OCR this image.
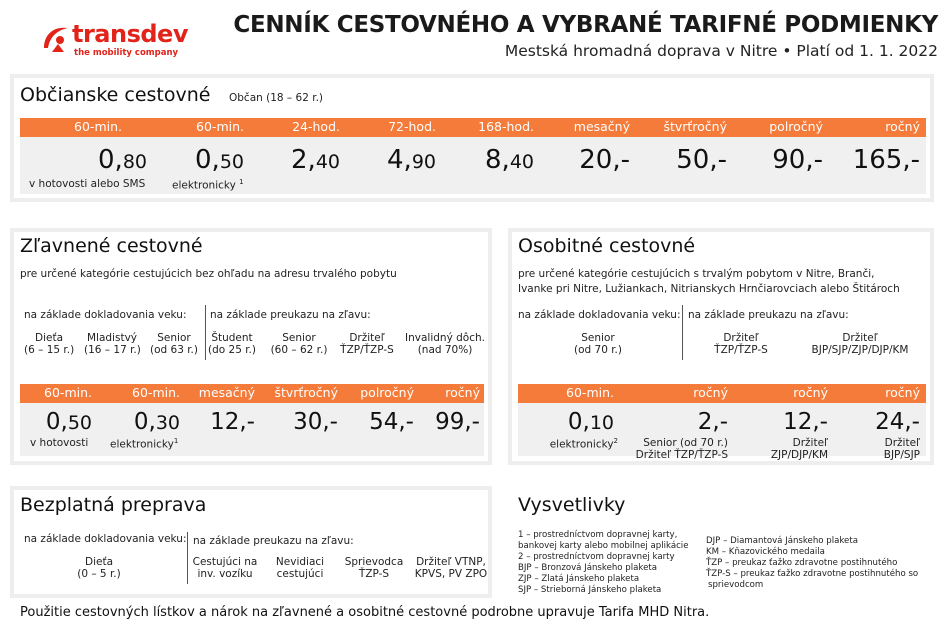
transdev
the mobility company
CENNÍK CESTOVNÉHO A VYBRANÉ TARIFNÉ PODMIENKY
Mestská hromadná doprava v Nitre • Platí od 1. 1. 2022
Občianske cestovné Občan (18 – 62 r.)
60-min.	60-min.	24-hod.	72-hod.	168-hod.	mesačný	štvrťročný	polročný	ročný
0,80 0,50 2,40 4,90 8,40 20,- 50,- 90,- 165,-
v hotovosti alebo SMS	elektronicky $^1$
Zľavnené cestovné
pre určené kategórie cestujúcich bez ohľadu na adresu trvalého pobytu
na základe dokladovania veku: na základe preukazu na zľavu:
Dieťa
(6 – 15 r.)
Mladistvý
(16 – 17 r.)
Senior
(od 63 r.)
Študent
(do 25 r.)
Senior
(60 – 62 r.)
Držiteľ
ŤZP/ŤZP-S
Invalidný dôch.
(nad 70%)
60-min.	60-min. mesačný štvrťročný polročný	ročný
0,50 0,30 12,- 30,- 54,- 99,-
v hotovosti elektronicky$^1$
Osobitné cestovné
pre určené kategórie cestujúcich s trvalým pobytom v Nitre, Branči,
Ivanke pri Nitre, Lužiankach, Nitrianskych Hrnčiarovciach alebo Štitároch
na základe dokladovania veku: na základe preukazu na zľavu:
Senior
(od 70 r.)
Držiteľ
ŤZP/ŤZP-S
Držiteľ
BJP/SJP/ZJP/DJP/KM
60-min.	ročný	ročný	ročný
0,10	2,- 12,- 24,-
elektronicky$^2$	Senior (od 70 r.)
Držiteľ ŤZP/ŤZP-S
Držiteľ
ZJP/DJP/KM
Držiteľ
BJP/SJP
Bezplatná preprava
na základe dokladovania veku: na základe preukazu na zľavu:
Dieťa
(0 – 5 r.)
Cestujúci na
inv. vozíku
Nevidiaci
cestujúci
Sprievodca
ŤZP-S
Držiteľ VTNP,
KPVS, PV ZPO
Vysvetlivky
1 – prostredníctvom dopravnej karty,
bankovej karty alebo mobilnej aplikácie
2 – prostredníctvom dopravnej karty
BJP – Bronzová Jánskeho plaketa
ZJP – Zlatá Jánskeho plaketa
SJP – Strieborná Jánskeho plaketa
DJP – Diamantová Jánskeho plaketa
KM – Kňazovického medaila
ŤZP – preukaz ťažko zdravotne postihnutého
ŤZP-S – preukaz ťažko zdravotne postihnutého so
sprievodcom
Použitie cestovných lístkov a nárok na zľavnené a osobitné cestovné podrobne upravuje Tarifa MHD Nitra.
